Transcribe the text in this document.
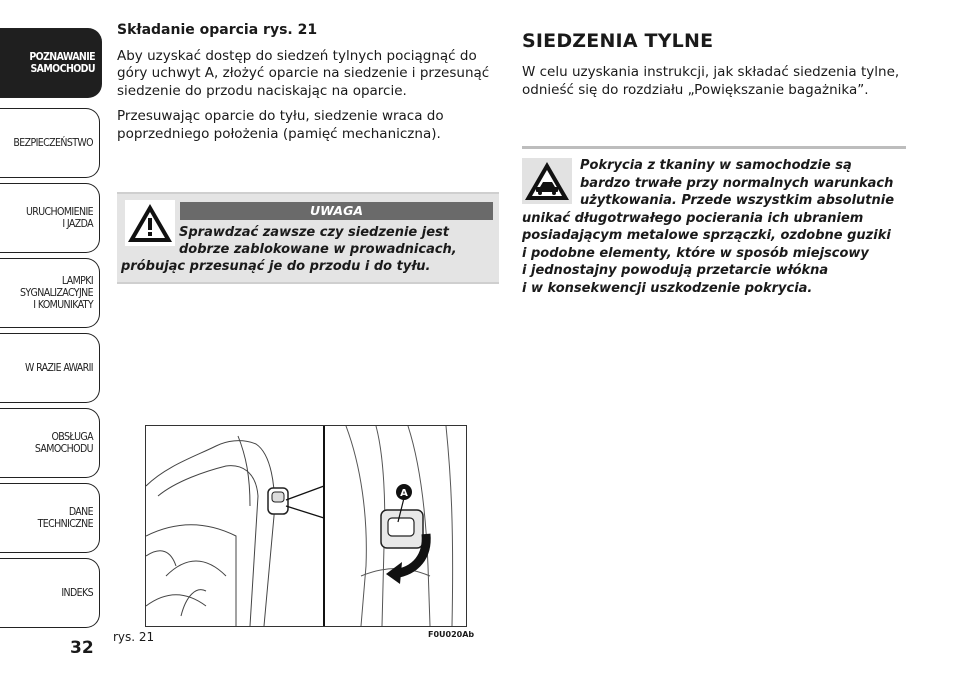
POZNAWANIE
SAMOCHODU
BEZPIECZEŃSTWO
URUCHOMIENIE
I JAZDA
LAMPKI
SYGNALIZACYJNE
I KOMUNIKATY
W RAZIE AWARII
OBSŁUGA
SAMOCHODU
DANE
TECHNICZNE
INDEKS
32
Składanie oparcia rys. 21

Aby uzyskać dostęp do siedzeń tylnych pociągnąć do góry uchwyt A, złożyć oparcie na siedzenie i przesunąć siedzenie do przodu naciskając na oparcie.

Przesuwając oparcie do tyłu, siedzenie wraca do poprzedniego położenia (pamięć mechaniczna).

UWAGA
Sprawdzać zawsze czy siedzenie jest
dobrze zablokowane w prowadnicach,
próbując przesunąć je do przodu i do tyłu.
SIEDZENIA TYLNE

W celu uzyskania instrukcji, jak składać siedzenia tylne, odnieść się do rozdziału „Powiększanie bagażnika”.

Pokrycia z tkaniny w samochodzie są
bardzo trwałe przy normalnych warunkach
użytkowania. Przede wszystkim absolutnie
unikać długotrwałego pocierania ich ubraniem
posiadającym metalowe sprzączki, ozdobne guziki
i podobne elementy, które w sposób miejscowy
i jednostajny powodują przetarcie włókna
i w konsekwencji uszkodzenie pokrycia.
A
rys. 21	F0U020Ab
